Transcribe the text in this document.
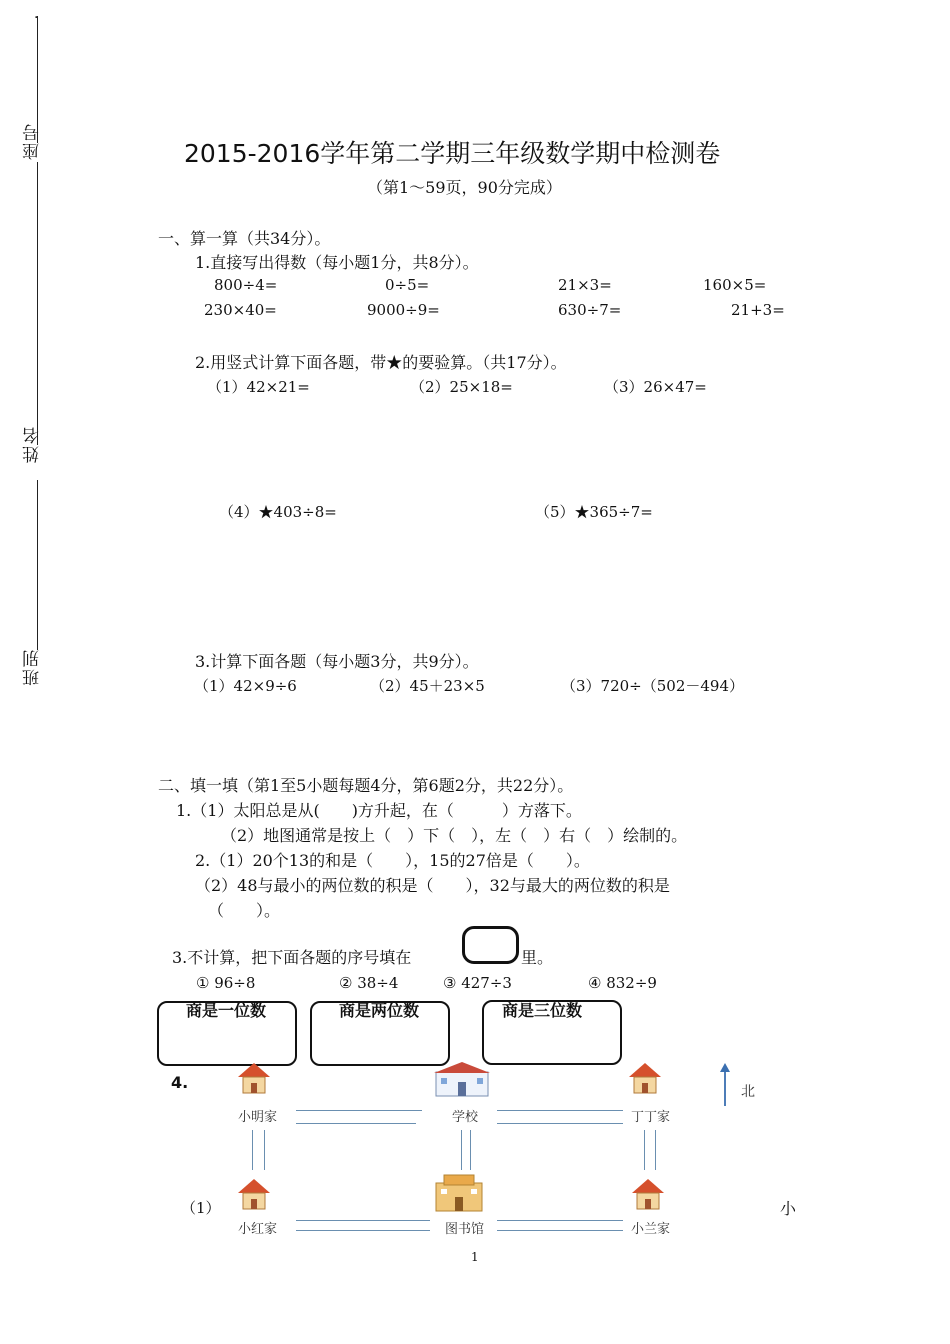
.
座号
姓名
班别
2015-2016学年第二学期三年级数学期中检测卷
（第1～59页，90分完成）
一、算一算（共34分）。
1.直接写出得数（每小题1分，共8分）。
800÷4=	0÷5=	21×3=	160×5=
230×40=	9000÷9=	630÷7=	21+3=
2.用竖式计算下面各题，带★的要验算。（共17分）。
（1）42×21=	（2）25×18=	（3）26×47=
（4）★403÷8=	（5）★365÷7=
3.计算下面各题（每小题3分，共9分）。
（1）42×9÷6	（2）45＋23×5	（3）720÷（502－494）
二、填一填（第1至5小题每题4分，第6题2分，共22分）。
1.（1）太阳总是从(　　)方升起，在（　　　）方落下。
（2）地图通常是按上（　）下（　），左（　）右（　）绘制的。
2.（1）20个13的和是（　　），15的27倍是（　　）。
（2）48与最小的两位数的积是（　　），32与最大的两位数的积是
（　　）。
3.不计算，把下面各题的序号填在	里。
① 96÷8	② 38÷4	③ 427÷3	④ 832÷9
商是一位数	商是两位数	商是三位数
4.
小明家	学校	丁丁家
小红家	图书馆	小兰家
北
（1）	小
1
